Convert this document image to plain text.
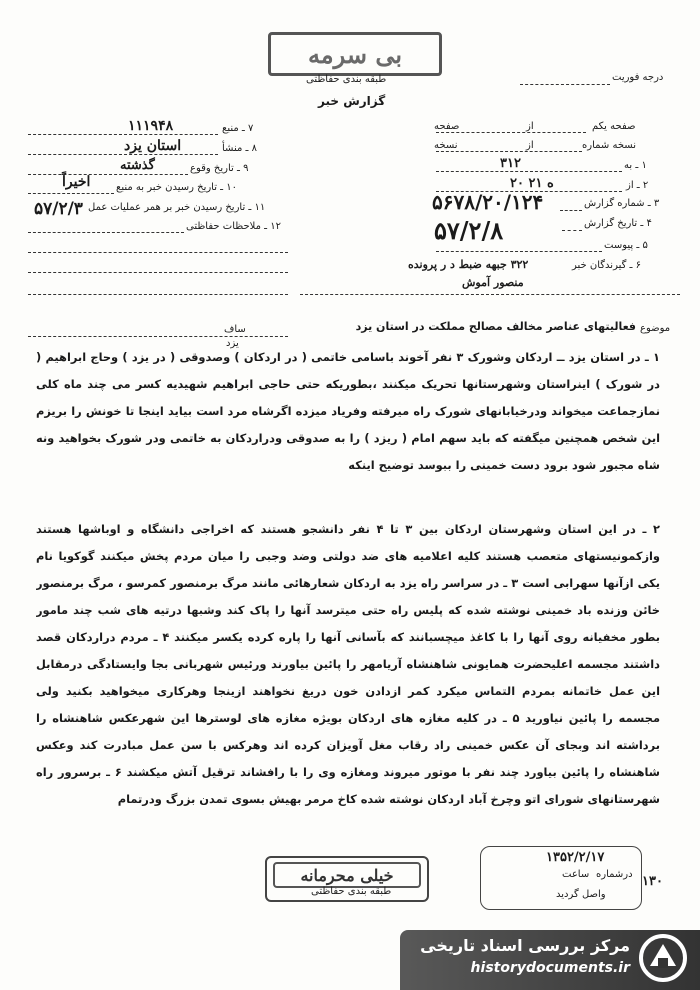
بی سرمه
طبقه بندی حفاظتی
گزارش خبر
درجه فوریت
صفحه یکم
از
صفحه
نسخه شماره
از
نسخه
۱ ـ به
۳۱۲
۲ ـ از
۲۰ ه ۲۱
۳ ـ شماره گزارش
۵۶۷۸/۲۰/۱۲۴
۴ ـ تاریخ گزارش
۵۷/۲/۸
۵ ـ پیوست
۶ ـ گیرندگان خبر
۳۲۲ جبهه ضبط د ر پرونده
منصور آموش
۷ ـ منبع
۱۱۱۹۴۸
۸ ـ منشأ
استان یزد
۹ ـ تاریخ وقوع
گذشته
۱۰ ـ تاریخ رسیدن خبر به منبع
اخیراً
۱۱ ـ تاریخ رسیدن خبر بر همر عملیات عمل
۵۷/۲/۳
۱۲ ـ ملاحظات حفاظتی
ساف
یزد
موضوع
فعالیتهای عناصر مخالف مصالح مملکت در استان یزد
۱ ـ در استان یزد ــ اردکان وشورک ۳ نفر آخوند باسامی خاتمی ( در اردکان ) وصدوقی ( در یزد ) وحاج ابراهیم ( در شورک ) اینراستان وشهرستانها تحریک میکنند ،بطوریکه حتی حاجی ابراهیم شهیدیه کسر می چند ماه کلی نمازجماعت میخواند ودرخیابانهای شورک راه میرفته وفریاد میزده اگرشاه مرد است بیاید اینجا تا خونش را بریزم این شخص همچنین میگفته که باید سهم امام ( ریزد ) را به صدوقی ودراردکان به خاتمی ودر شورک بخواهید ونه شاه مجبور شود برود دست خمینی را ببوسد توضیح اینکه
۲ ـ در این استان وشهرستان اردکان بین ۳ تا ۴ نفر دانشجو هستند که اخراجی دانشگاه و اوباشها هستند وازکمونیستهای متعصب هستند کلیه اعلامیه های ضد دولتی وضد وجبی را میان مردم پخش میکنند گوکویا نام یکی ازآنها سهرابی است ۳ ـ در سراسر راه یزد به اردکان شعارهائی مانند مرگ برمنصور کمرسو ، مرگ برمنصور خائن وزنده باد خمینی نوشته شده که پلیس راه حتی میترسد آنها را پاک کند وشبها درتیه های شب چند مامور بطور مخفیانه روی آنها را با کاغذ میچسبانند که بآسانی آنها را پاره کرده یکسر میکنند ۴ ـ مردم دراردکان قصد داشتند مجسمه اعلیحضرت همایونی شاهنشاه آریامهر را پائین بیاورند ورئیس شهربانی بجا وایستادگی درمقابل این عمل خاتمانه بمردم التماس میکرد کمر ازدادن خون دریغ نخواهند ازینجا وهرکاری میخواهید بکنید ولی مجسمه را پائین نیاورید ۵ ـ در کلیه مغازه های اردکان بویژه مغازه های لوسترها این شهرعکس شاهنشاه را برداشته اند وبجای آن عکس خمینی راد رقاب مغل آویزان کرده اند وهرکس با سن عمل مبادرت کند وعکس شاهنشاه را پائین بیاورد چند نفر با موتور میروند ومغازه وی را با رافشاند ترقیل آتش میکشند ۶ ـ برسرور راه شهرستانهای شورای اتو وچرخ آباد اردکان نوشته شده کاخ مرمر بهیش بسوی تمدن بزرگ ودرتمام
۱۳۵۲/۲/۱۷
درشماره
ساعت
واصل گردید
۱۳۰
خیلی محرمانه
طبقه بندی حفاظتی
مرکز بررسی اسناد تاریخی
historydocuments.ir
